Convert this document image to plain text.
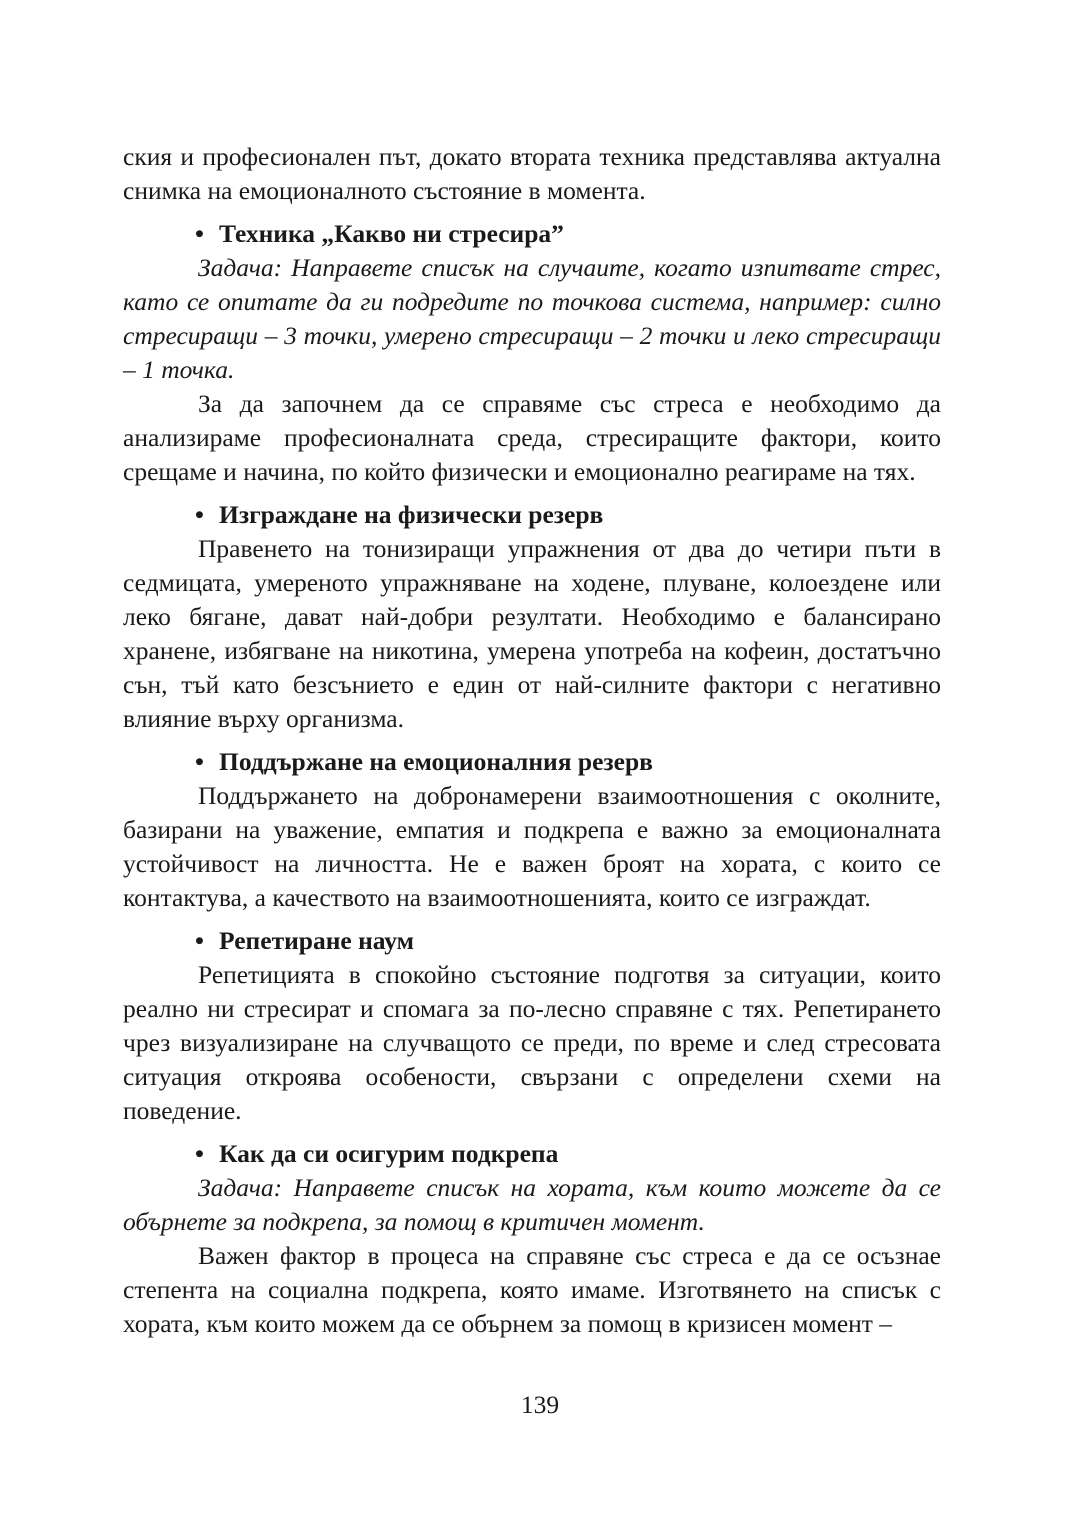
ския и професионален път, докато втората техника представлява актуална снимка на емоционалното състояние в момента.

• Техника „Какво ни стресира”

Задача: Направете списък на случаите, когато изпитвате стрес, като се опитате да ги подредите по точкова система, например: силно стресиращи – 3 точки, умерено стресиращи – 2 точки и леко стресиращи – 1 точка.

За да започнем да се справяме със стреса е необходимо да анализираме професионалната среда, стресиращите фактори, които срещаме и начина, по който физически и емоционално реагираме на тях.

• Изграждане на физически резерв

Правенето на тонизиращи упражнения от два до четири пъти в седмицата, умереното упражняване на ходене, плуване, колоездене или леко бягане, дават най-добри резултати. Необходимо е балансирано хранене, избягване на никотина, умерена употреба на кофеин, достатъчно сън, тъй като безсънието е един от най-силните фактори с негативно влияние върху организма.

• Поддържане на емоционалния резерв

Поддържането на добронамерени взаимоотношения с околните, базирани на уважение, емпатия и подкрепа е важно за емоционалната устойчивост на личността. Не е важен броят на хората, с които се контактува, а качеството на взаимоотношенията, които се изграждат.

• Репетиране наум

Репетицията в спокойно състояние подготвя за ситуации, които реално ни стресират и спомага за по-лесно справяне с тях. Репетирането чрез визуализиране на случващото се преди, по време и след стресовата ситуация откроява особености, свързани с определени схеми на поведение.

• Как да си осигурим подкрепа

Задача: Направете списък на хората, към които можете да се обърнете за подкрепа, за помощ в критичен момент.

Важен фактор в процеса на справяне със стреса е да се осъзнае степента на социална подкрепа, която имаме. Изготвянето на списък с хората, към които можем да се обърнем за помощ в кризисен момент –

139
